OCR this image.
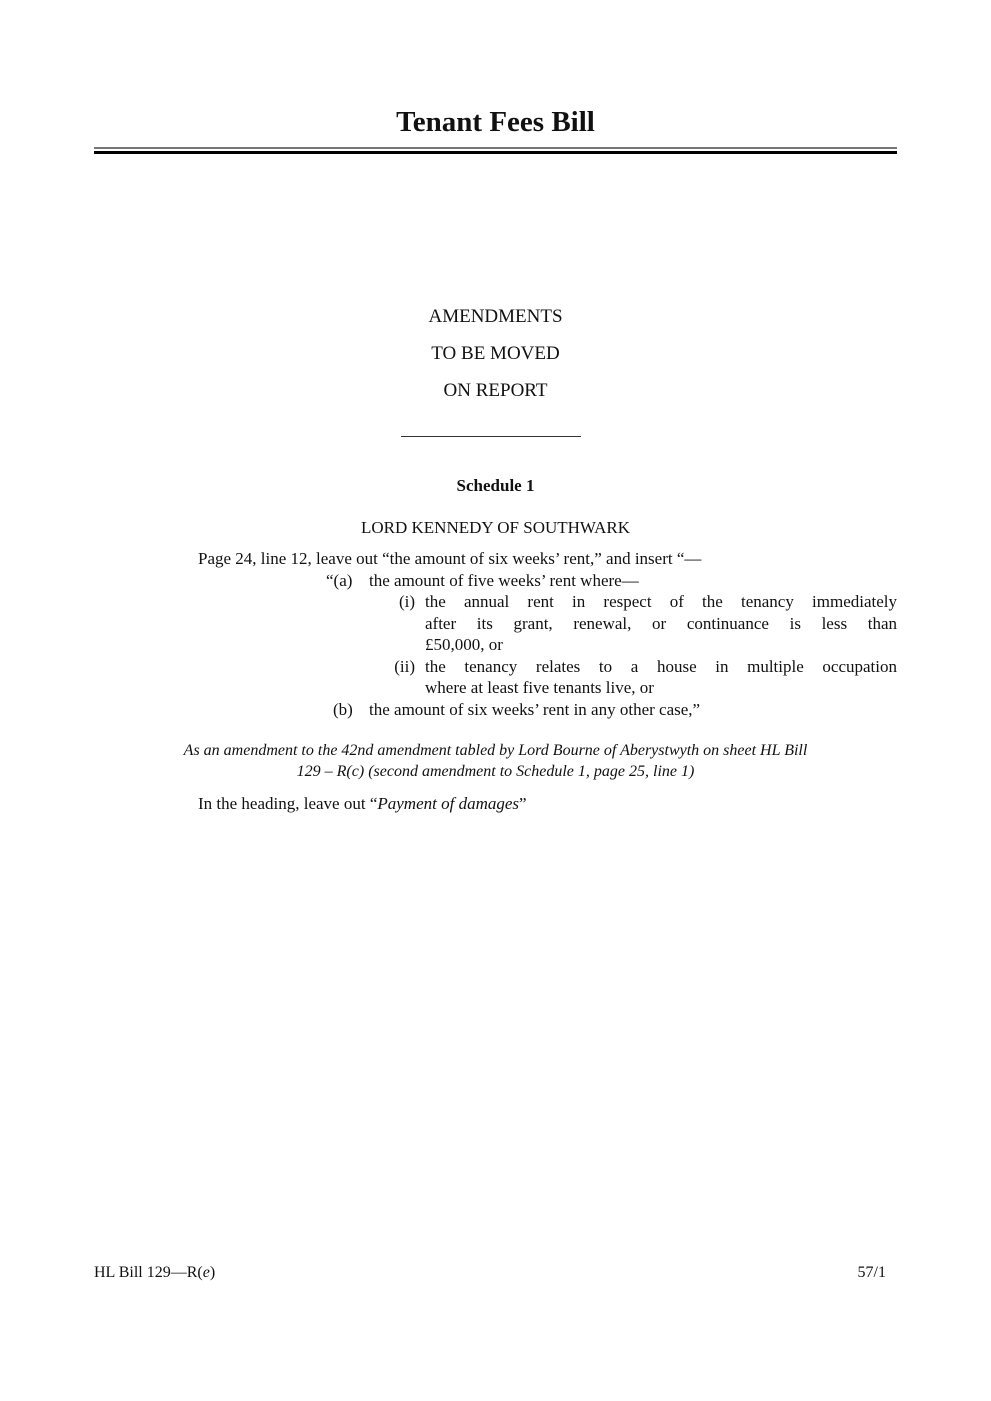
Tenant Fees Bill
AMENDMENTS
TO BE MOVED
ON REPORT
Schedule 1
LORD KENNEDY OF SOUTHWARK
Page 24, line 12, leave out “the amount of six weeks’ rent,” and insert “—
“(a) the amount of five weeks’ rent where—
(i) the annual rent in respect of the tenancy immediately
after its grant, renewal, or continuance is less than
£50,000, or
(ii) the tenancy relates to a house in multiple occupation
where at least five tenants live, or
(b) the amount of six weeks’ rent in any other case,”
As an amendment to the 42nd amendment tabled by Lord Bourne of Aberystwyth on sheet HL Bill
129 – R(c) (second amendment to Schedule 1, page 25, line 1)
In the heading, leave out “Payment of damages”
HL Bill 129—R(e)	57/1
